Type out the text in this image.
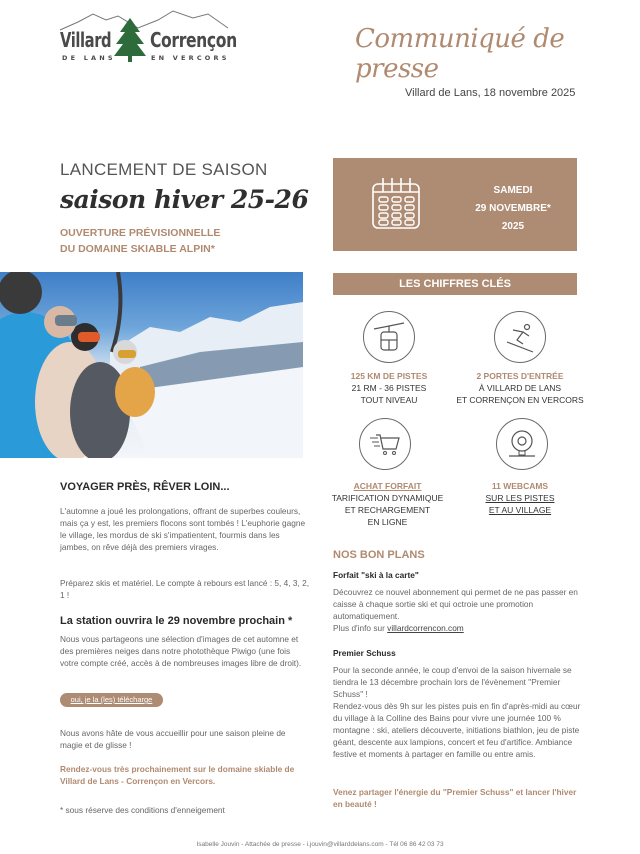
Villard Corrençon
DE LANS	EN VERCORS
Communiqué de presse
Villard de Lans, 18 novembre 2025
LANCEMENT DE SAISON
saison hiver 25-26
OUVERTURE PRÉVISIONNELLE
DU DOMAINE SKIABLE ALPIN*
SAMEDI
29 NOVEMBRE*
2025
LES CHIFFRES CLÉS
125 KM DE PISTES
21 RM - 36 PISTES
TOUT NIVEAU
2 PORTES D'ENTRÉE
À VILLARD DE LANS
ET CORRENÇON EN VERCORS
ACHAT FORFAIT
TARIFICATION DYNAMIQUE
ET RECHARGEMENT
EN LIGNE
11 WEBCAMS
SUR LES PISTES
ET AU VILLAGE
VOYAGER PRÈS, RÊVER LOIN...
L'automne a joué les prolongations, offrant de superbes couleurs, mais ça y est, les premiers flocons sont tombés ! L'euphorie gagne le village, les mordus de ski s'impatientent, fourmis dans les jambes, on rêve déjà des premiers virages.
Préparez skis et matériel. Le compte à rebours est lancé : 5, 4, 3, 2, 1 !
La station ouvrira le 29 novembre prochain *
Nous vous partageons une sélection d'images de cet automne et des premières neiges dans notre photothèque Piwigo (une fois votre compte créé, accès à de nombreuses images libre de droit).
oui, je la (les) télécharge
Nous avons hâte de vous accueillir pour une saison pleine de magie et de glisse !
Rendez-vous très prochainement sur le domaine skiable de Villard de Lans - Corrençon en Vercors.
* sous réserve des conditions d'enneigement
NOS BON PLANS
Forfait "ski à la carte"
Découvrez ce nouvel abonnement qui permet de ne pas passer en caisse à chaque sortie ski et qui octroie une promotion automatiquement.
Plus d'info sur villardcorrencon.com
Premier Schuss
Pour la seconde année, le coup d'envoi de la saison hivernale se tiendra le 13 décembre prochain lors de l'évènement "Premier Schuss" !
Rendez-vous dès 9h sur les pistes puis en fin d'après-midi au cœur du village à la Colline des Bains pour vivre une journée 100 % montagne : ski, ateliers découverte, initiations biathlon, jeu de piste géant, descente aux lampions, concert et feu d'artifice. Ambiance festive et moments à partager en famille ou entre amis.
Venez partager l'énergie du "Premier Schuss" et lancer l'hiver en beauté !
Isabelle Jouvin - Attachée de presse - i.jouvin@villarddelans.com - Tél 06 86 42 03 73
